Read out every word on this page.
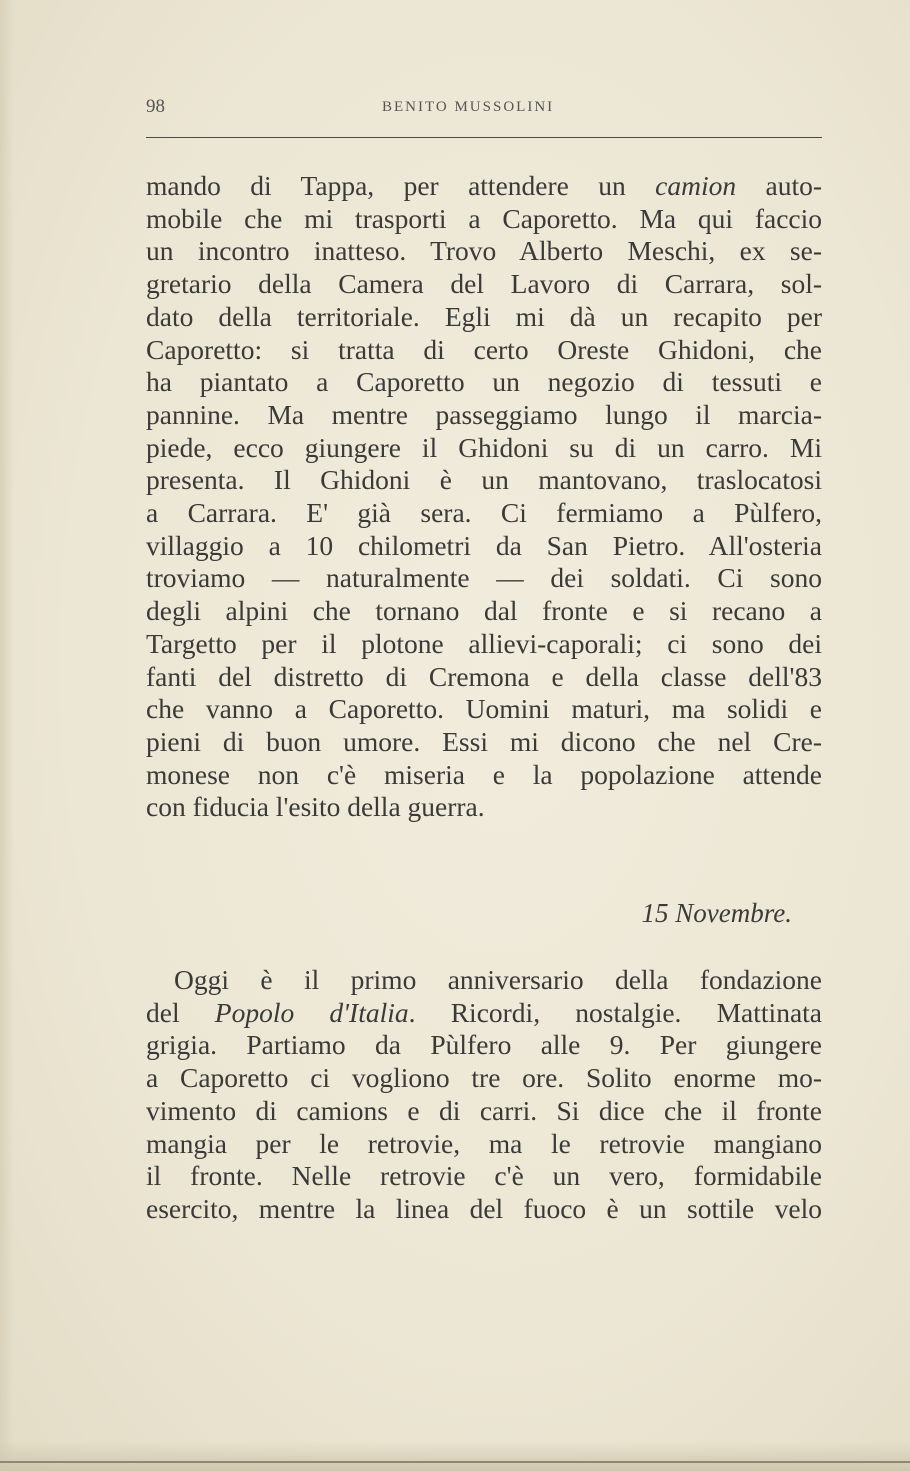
98	BENITO MUSSOLINI
mando di Tappa, per attendere un camion auto-
mobile che mi trasporti a Caporetto. Ma qui faccio
un incontro inatteso. Trovo Alberto Meschi, ex se-
gretario della Camera del Lavoro di Carrara, sol-
dato della territoriale. Egli mi dà un recapito per
Caporetto: si tratta di certo Oreste Ghidoni, che
ha piantato a Caporetto un negozio di tessuti e
pannine. Ma mentre passeggiamo lungo il marcia-
piede, ecco giungere il Ghidoni su di un carro. Mi
presenta. Il Ghidoni è un mantovano, traslocatosi
a Carrara. E' già sera. Ci fermiamo a Pùlfero,
villaggio a 10 chilometri da San Pietro. All'osteria
troviamo — naturalmente — dei soldati. Ci sono
degli alpini che tornano dal fronte e si recano a
Targetto per il plotone allievi-caporali; ci sono dei
fanti del distretto di Cremona e della classe dell'83
che vanno a Caporetto. Uomini maturi, ma solidi e
pieni di buon umore. Essi mi dicono che nel Cre-
monese non c'è miseria e la popolazione attende
con fiducia l'esito della guerra.
15 Novembre.
Oggi è il primo anniversario della fondazione
del Popolo d'Italia. Ricordi, nostalgie. Mattinata
grigia. Partiamo da Pùlfero alle 9. Per giungere
a Caporetto ci vogliono tre ore. Solito enorme mo-
vimento di camions e di carri. Si dice che il fronte
mangia per le retrovie, ma le retrovie mangiano
il fronte. Nelle retrovie c'è un vero, formidabile
esercito, mentre la linea del fuoco è un sottile velo
